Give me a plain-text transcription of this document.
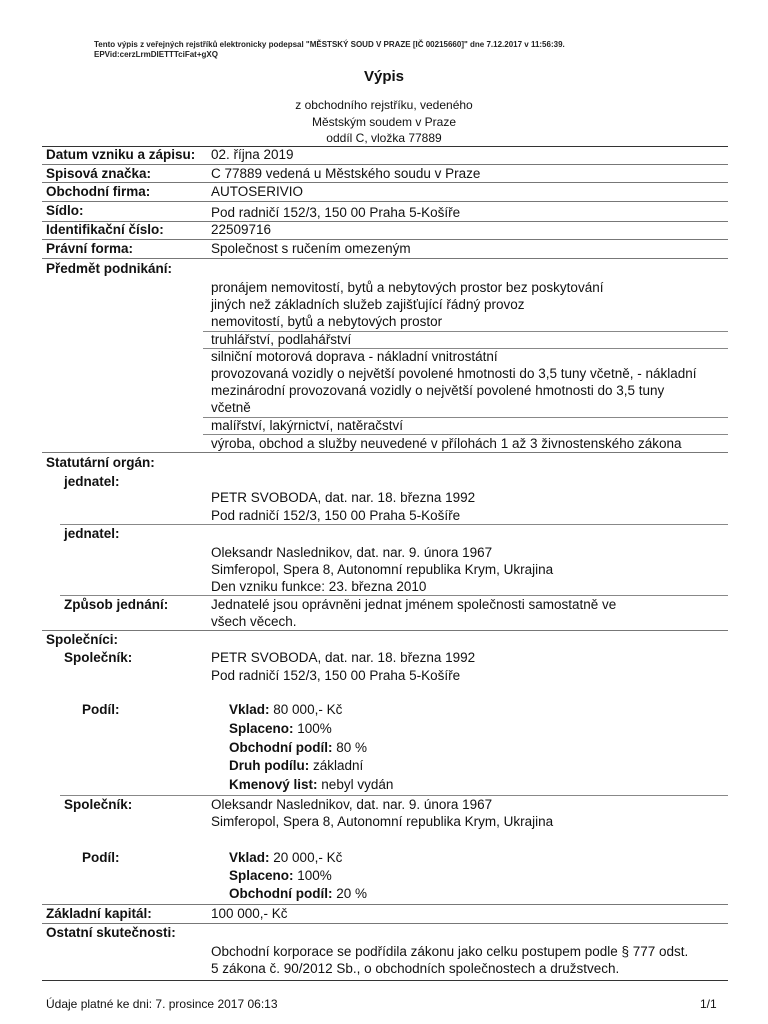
Tento výpis z veřejných rejstříků elektronicky podepsal "MĚSTSKÝ SOUD V PRAZE [IČ 00215660]" dne 7.12.2017 v 11:56:39.
EPVid:cerzLrmDIETTTciFat+gXQ
Výpis
z obchodního rejstříku, vedeného
Městským soudem v Praze
oddíl C, vložka 77889
Datum vzniku a zápisu: 02. října 2019
Spisová značka:	C 77889 vedená u Městského soudu v Praze
Obchodní firma:	AUTOSERIVIO
Sídlo:	Pod radničí 152/3, 150 00 Praha 5-Košíře
Identifikační číslo:	22509716
Právní forma:	Společnost s ručením omezeným
Předmět podnikání:
pronájem nemovitostí, bytů a nebytových prostor bez poskytování
jiných než základních služeb zajišťující řádný provoz
nemovitostí, bytů a nebytových prostor
truhlářství, podlahářství
silniční motorová doprava - nákladní vnitrostátní
provozovaná vozidly o největší povolené hmotnosti do 3,5 tuny včetně, - nákladní
mezinárodní provozovaná vozidly o největší povolené hmotnosti do 3,5 tuny
včetně
malířství, lakýrnictví, natěračství
výroba, obchod a služby neuvedené v přílohách 1 až 3 živnostenského zákona
Statutární orgán:
jednatel:
PETR SVOBODA, dat. nar. 18. března 1992
Pod radničí 152/3, 150 00 Praha 5-Košíře
jednatel:
Oleksandr Naslednikov, dat. nar. 9. února 1967
Simferopol, Spera 8, Autonomní republika Krym, Ukrajina
Den vzniku funkce: 23. března 2010
Způsob jednání:	Jednatelé jsou oprávněni jednat jménem společnosti samostatně ve
všech věcech.
Společníci:
Společník:	PETR SVOBODA, dat. nar. 18. března 1992
Pod radničí 152/3, 150 00 Praha 5-Košíře
Podíl:	Vklad: 80 000,- Kč
Splaceno: 100%
Obchodní podíl: 80 %
Druh podílu: základní
Kmenový list: nebyl vydán
Společník:	Oleksandr Naslednikov, dat. nar. 9. února 1967
Simferopol, Spera 8, Autonomní republika Krym, Ukrajina
Podíl:	Vklad: 20 000,- Kč
Splaceno: 100%
Obchodní podíl: 20 %
Základní kapitál:	100 000,- Kč
Ostatní skutečnosti:
Obchodní korporace se podřídila zákonu jako celku postupem podle § 777 odst.
5 zákona č. 90/2012 Sb., o obchodních společnostech a družstvech.
Údaje platné ke dni: 7. prosince 2017 06:13	1/1
